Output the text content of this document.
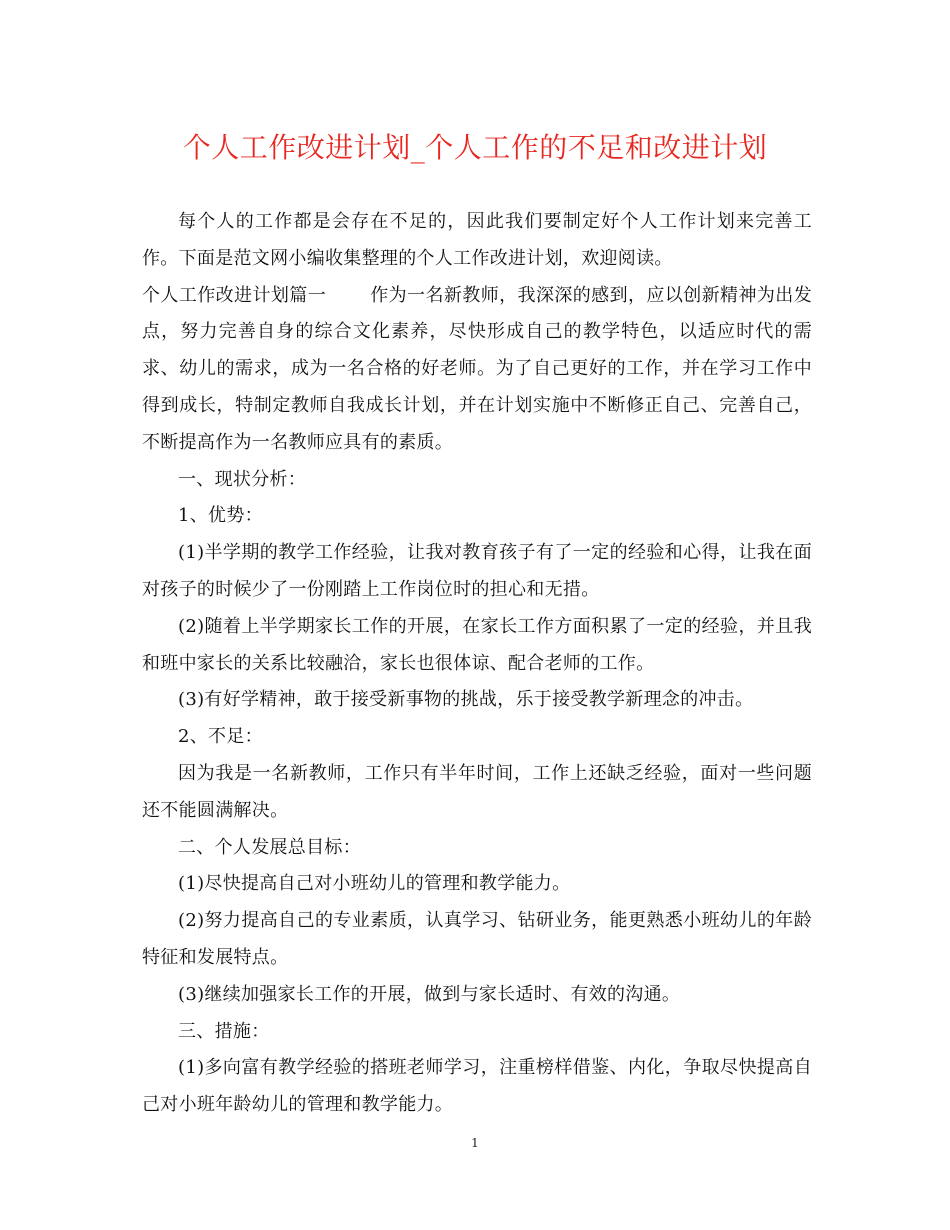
个人工作改进计划_个人工作的不足和改进计划

每个人的工作都是会存在不足的，因此我们要制定好个人工作计划来完善工作。下面是范文网小编收集整理的个人工作改进计划，欢迎阅读。

个人工作改进计划篇一 作为一名新教师，我深深的感到，应以创新精神为出发点，努力完善自身的综合文化素养，尽快形成自己的教学特色，以适应时代的需求、幼儿的需求，成为一名合格的好老师。为了自己更好的工作，并在学习工作中得到成长，特制定教师自我成长计划，并在计划实施中不断修正自己、完善自己，不断提高作为一名教师应具有的素质。

一、现状分析：

1、优势：

(1)半学期的教学工作经验，让我对教育孩子有了一定的经验和心得，让我在面对孩子的时候少了一份刚踏上工作岗位时的担心和无措。

(2)随着上半学期家长工作的开展，在家长工作方面积累了一定的经验，并且我和班中家长的关系比较融洽，家长也很体谅、配合老师的工作。

(3)有好学精神，敢于接受新事物的挑战，乐于接受教学新理念的冲击。

2、不足：

因为我是一名新教师，工作只有半年时间，工作上还缺乏经验，面对一些问题还不能圆满解决。

二、个人发展总目标：

(1)尽快提高自己对小班幼儿的管理和教学能力。

(2)努力提高自己的专业素质，认真学习、钻研业务，能更熟悉小班幼儿的年龄特征和发展特点。

(3)继续加强家长工作的开展，做到与家长适时、有效的沟通。

三、措施：

(1)多向富有教学经验的搭班老师学习，注重榜样借鉴、内化，争取尽快提高自己对小班年龄幼儿的管理和教学能力。

1
